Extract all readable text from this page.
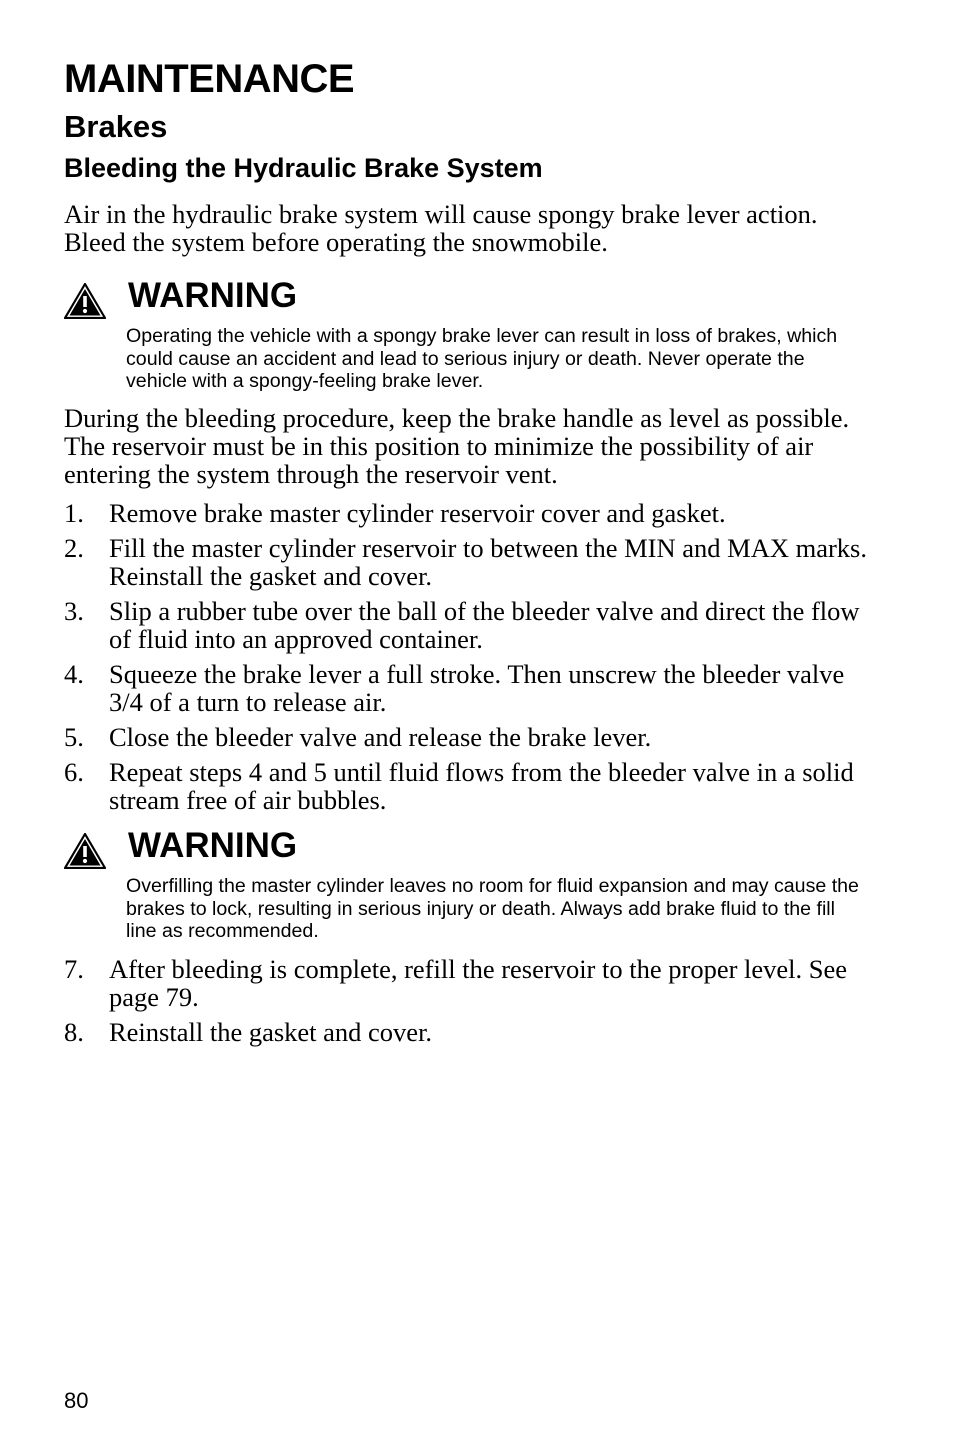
MAINTENANCE
Brakes
Bleeding the Hydraulic Brake System

Air in the hydraulic brake system will cause spongy brake lever action. Bleed the system before operating the snowmobile.

WARNING

Operating the vehicle with a spongy brake lever can result in loss of brakes, which could cause an accident and lead to serious injury or death. Never operate the vehicle with a spongy-feeling brake lever.

During the bleeding procedure, keep the brake handle as level as possible. The reservoir must be in this position to minimize the possibility of air entering the system through the reservoir vent.

1. Remove brake master cylinder reservoir cover and gasket.
2. Fill the master cylinder reservoir to between the MIN and MAX marks. Reinstall the gasket and cover.
3. Slip a rubber tube over the ball of the bleeder valve and direct the flow of fluid into an approved container.
4. Squeeze the brake lever a full stroke. Then unscrew the bleeder valve 3/4 of a turn to release air.
5. Close the bleeder valve and release the brake lever.
6. Repeat steps 4 and 5 until fluid flows from the bleeder valve in a solid stream free of air bubbles.
WARNING

Overfilling the master cylinder leaves no room for fluid expansion and may cause the brakes to lock, resulting in serious injury or death. Always add brake fluid to the fill line as recommended.

7. After bleeding is complete, refill the reservoir to the proper level. See page 79.
8. Reinstall the gasket and cover.

80
